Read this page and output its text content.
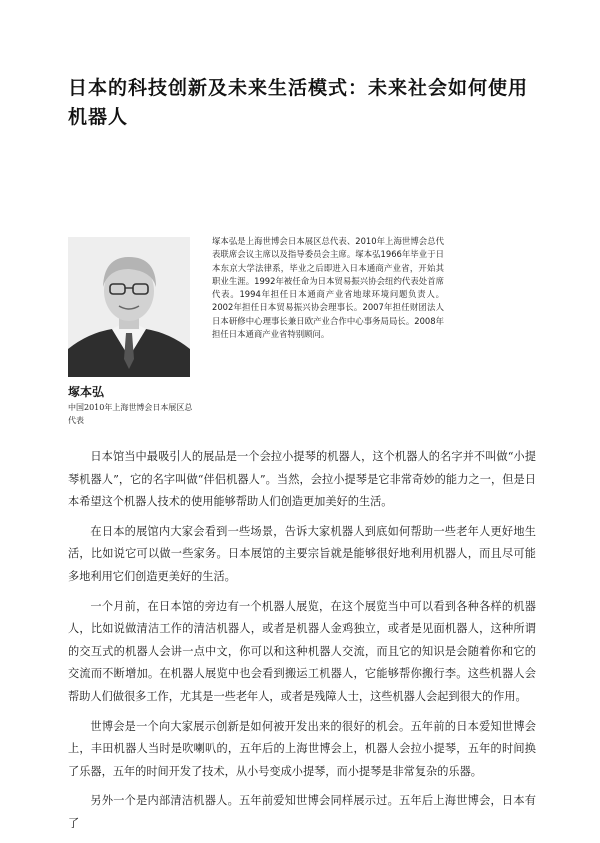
日本的科技创新及未来生活模式：未来社会如何使用机器人

塚本弘是上海世博会日本展区总代表、2010年上海世博会总代表联席会议主席以及指导委员会主席。塚本弘1966年毕业于日本东京大学法律系，毕业之后即进入日本通商产业省，开始其职业生涯。1992年被任命为日本贸易振兴协会纽约代表处首席代表。1994年担任日本通商产业省地球环境问题负责人。2002年担任日本贸易振兴协会理事长。2007年担任财团法人日本研修中心理事长兼日欧产业合作中心事务局局长。2008年担任日本通商产业省特别顾问。

塚本弘

中国2010年上海世博会日本展区总代表

日本馆当中最吸引人的展品是一个会拉小提琴的机器人，这个机器人的名字并不叫做“小提琴机器人”，它的名字叫做“伴侣机器人”。当然，会拉小提琴是它非常奇妙的能力之一，但是日本希望这个机器人技术的使用能够帮助人们创造更加美好的生活。

在日本的展馆内大家会看到一些场景，告诉大家机器人到底如何帮助一些老年人更好地生活，比如说它可以做一些家务。日本展馆的主要宗旨就是能够很好地利用机器人，而且尽可能多地利用它们创造更美好的生活。

一个月前，在日本馆的旁边有一个机器人展览，在这个展览当中可以看到各种各样的机器人，比如说做清洁工作的清洁机器人，或者是机器人金鸡独立，或者是见面机器人，这种所谓的交互式的机器人会讲一点中文，你可以和这种机器人交流，而且它的知识是会随着你和它的交流而不断增加。在机器人展览中也会看到搬运工机器人，它能够帮你搬行李。这些机器人会帮助人们做很多工作，尤其是一些老年人，或者是残障人士，这些机器人会起到很大的作用。

世博会是一个向大家展示创新是如何被开发出来的很好的机会。五年前的日本爱知世博会上，丰田机器人当时是吹喇叭的，五年后的上海世博会上，机器人会拉小提琴，五年的时间换了乐器，五年的时间开发了技术，从小号变成小提琴，而小提琴是非常复杂的乐器。

另外一个是内部清洁机器人。五年前爱知世博会同样展示过。五年后上海世博会，日本有了
